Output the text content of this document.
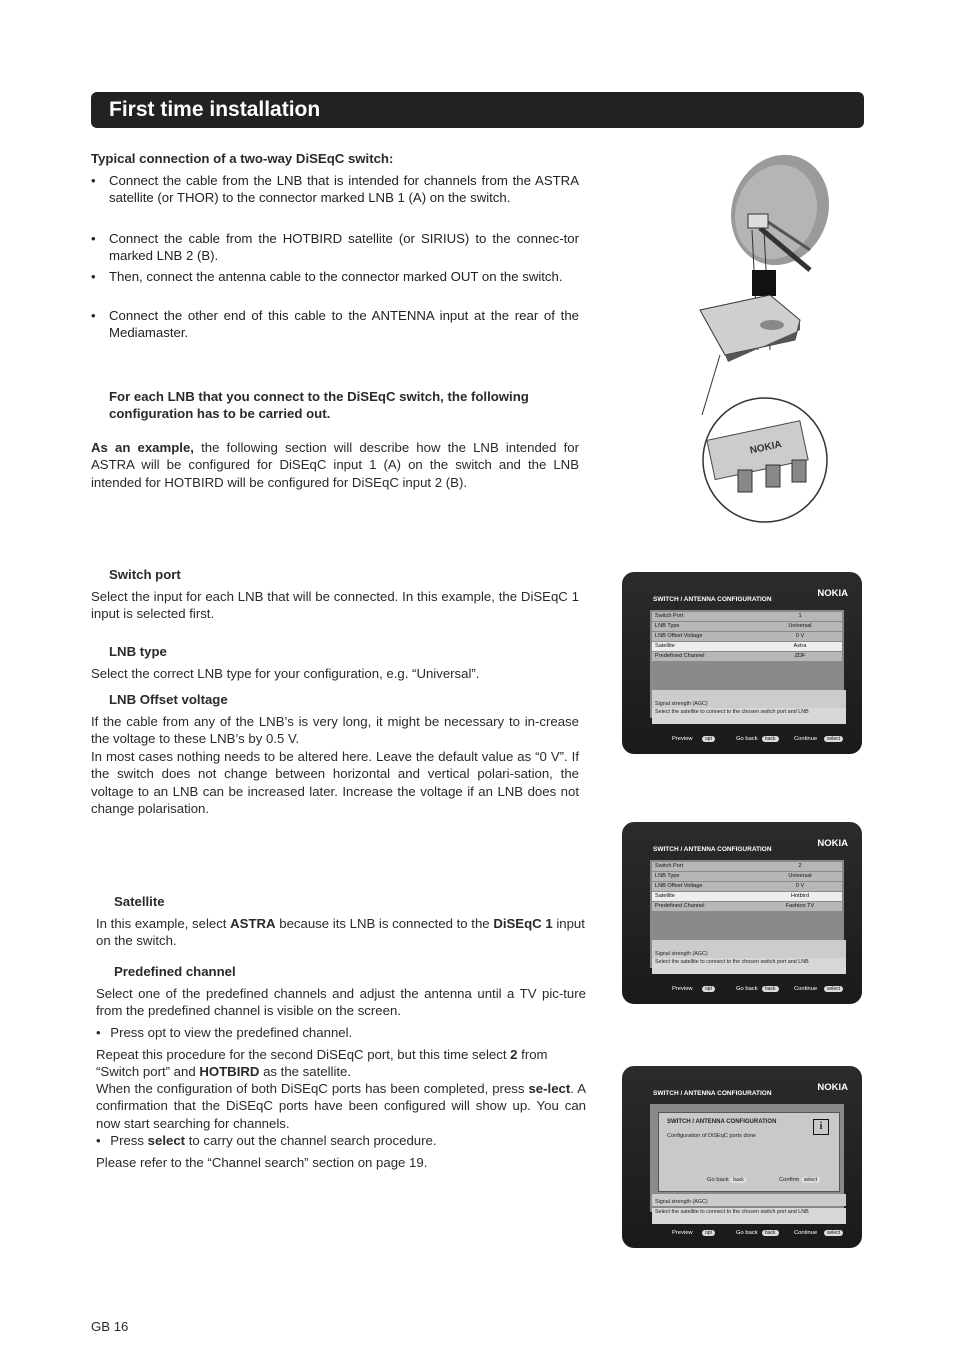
First time installation
Typical connection of a two-way DiSEqC switch:
• Connect the cable from the LNB that is intended for channels from the ASTRA satellite (or THOR) to the connector marked LNB 1 (A) on the switch.
• Connect the cable from the HOTBIRD satellite (or SIRIUS) to the connec-tor marked LNB 2 (B).
• Then, connect the antenna cable to the connector marked OUT on the switch.
• Connect the other end of this cable to the ANTENNA input at the rear of the Mediamaster.
For each LNB that you connect to the DiSEqC switch, the following configuration has to be carried out.
As an example, the following section will describe how the LNB intended for ASTRA will be configured for DiSEqC input 1 (A) on the switch and the LNB intended for HOTBIRD will be configured for DiSEqC input 2 (B).
NOKIA
Switch port
Select the input for each LNB that will be connected. In this example, the DiSEqC 1 input is selected first.
LNB type
Select the correct LNB type for your configuration, e.g. “Universal”.
LNB Offset voltage
If the cable from any of the LNB’s is very long, it might be necessary to in-crease the voltage to these LNB’s by 0.5 V.
In most cases nothing needs to be altered here. Leave the default value as “0 V”. If the switch does not change between horizontal and vertical polari-sation, the voltage to an LNB can be increased later. Increase the voltage if an LNB does not change polarisation.
Satellite
In this example, select ASTRA because its LNB is connected to the DiSEqC 1 input on the switch.
Predefined channel
Select one of the predefined channels and adjust the antenna until a TV pic-ture from the predefined channel is visible on the screen.
• Press opt to view the predefined channel.
Repeat this procedure for the second DiSEqC port, but this time select 2 from “Switch port” and HOTBIRD as the satellite.
When the configuration of both DiSEqC ports has been completed, press se-lect. A confirmation that the DiSEqC ports have been configured will show up. You can now start searching for channels.
• Press select to carry out the channel search procedure.
Please refer to the “Channel search” section on page 19.
GB 16
SWITCH / ANTENNA CONFIGURATION
NOKIA
Switch Port	1
LNB Type	Universal
LNB Offset Voltage	0 V
Satellite	Astra
Predefined Channel	ZDF
Signal strength (AGC)
Select the satellite to connect to the chosen switch port and LNB
Preview	opt	Go back	back	Continue	select
SWITCH / ANTENNA CONFIGURATION
NOKIA
Switch Port	2
LNB Type	Universal
LNB Offset Voltage	0 V
Satellite	Hotbird
Predefined Channel	Fashion TV
Signal strength (AGC)
Select the satellite to connect to the chosen switch port and LNB
Preview	opt	Go back	back	Continue	select
SWITCH / ANTENNA CONFIGURATION
NOKIA
Signal strength (AGC)
Select the satellite to connect to the chosen switch port and LNB
SWITCH / ANTENNA CONFIGURATION
Configuration of DiSEqC ports done
i
Go back back	Confirm select
Preview	opt	Go back	back	Continue	select
